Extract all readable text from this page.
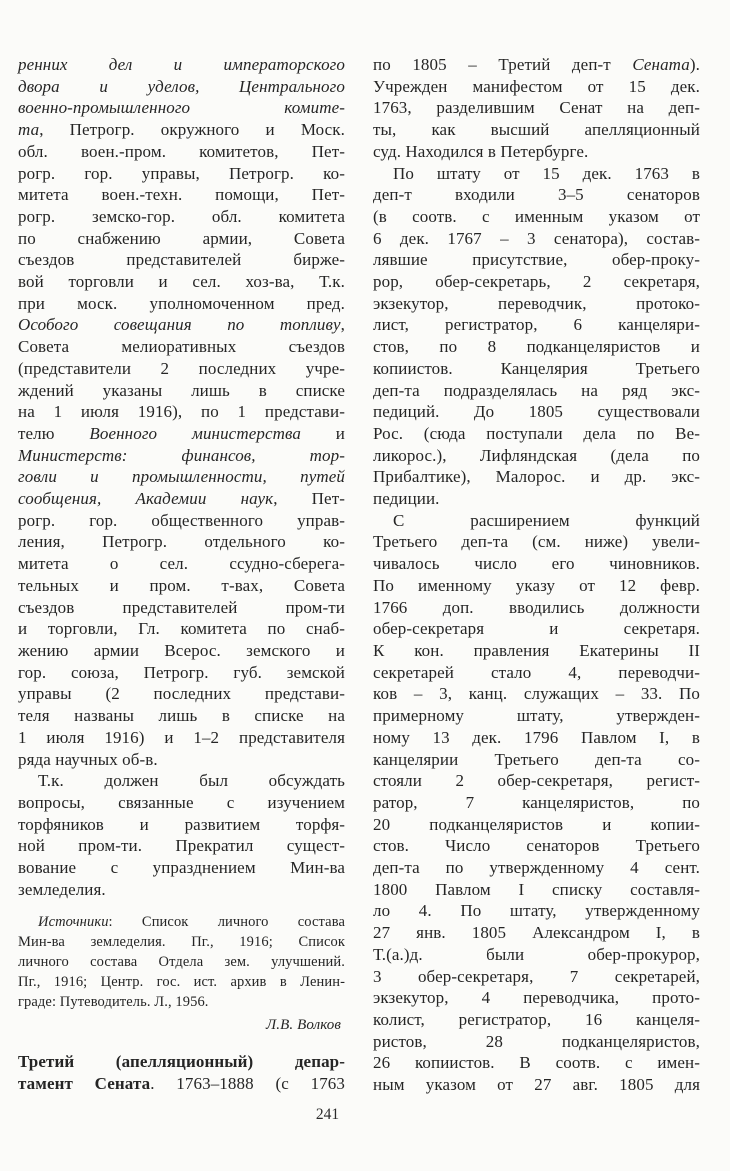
ренних дел и императорского
двора и уделов, Центрального
военно-промышленного комите-
та, Петрогр. окружного и Моск.
обл. воен.-пром. комитетов, Пет-
рогр. гор. управы, Петрогр. ко-
митета воен.-техн. помощи, Пет-
рогр. земско-гор. обл. комитета
по снабжению армии, Совета
съездов представителей бирже-
вой торговли и сел. хоз-ва, Т.к.
при моск. уполномоченном пред.
Особого совещания по топливу,
Совета мелиоративных съездов
(представители 2 последних учре-
ждений указаны лишь в списке
на 1 июля 1916), по 1 представи-
телю Военного министерства и
Министерств: финансов, тор-
говли и промышленности, путей
сообщения, Академии наук, Пет-
рогр. гор. общественного управ-
ления, Петрогр. отдельного ко-
митета о сел. ссудно-сберега-
тельных и пром. т-вах, Совета
съездов представителей пром-ти
и торговли, Гл. комитета по снаб-
жению армии Всерос. земского и
гор. союза, Петрогр. губ. земской
управы (2 последних представи-
теля названы лишь в списке на
1 июля 1916) и 1–2 представителя
ряда научных об-в.
Т.к. должен был обсуждать
вопросы, связанные с изучением
торфяников и развитием торфя-
ной пром-ти. Прекратил сущест-
вование с упразднением Мин-ва
земледелия.
Источники: Список личного состава
Мин-ва земледелия. Пг., 1916; Список
личного состава Отдела зем. улучшений.
Пг., 1916; Центр. гос. ист. архив в Ленин-
граде: Путеводитель. Л., 1956.
Л.В. Волков
Третий (апелляционный) депар-
тамент Сената. 1763–1888 (с 1763
по 1805 – Третий деп-т Сената).
Учрежден манифестом от 15 дек.
1763, разделившим Сенат на деп-
ты, как высший апелляционный
суд. Находился в Петербурге.
По штату от 15 дек. 1763 в
деп-т входили 3–5 сенаторов
(в соотв. с именным указом от
6 дек. 1767 – 3 сенатора), состав-
лявшие присутствие, обер-проку-
рор, обер-секретарь, 2 секретаря,
экзекутор, переводчик, протоко-
лист, регистратор, 6 канцеляри-
стов, по 8 подканцеляристов и
копиистов. Канцелярия Третьего
деп-та подразделялась на ряд экс-
педиций. До 1805 существовали
Рос. (сюда поступали дела по Ве-
ликорос.), Лифляндская (дела по
Прибалтике), Малорос. и др. экс-
педиции.
С расширением функций
Третьего деп-та (см. ниже) увели-
чивалось число его чиновников.
По именному указу от 12 февр.
1766 доп. вводились должности
обер-секретаря и секретаря.
К кон. правления Екатерины II
секретарей стало 4, переводчи-
ков – 3, канц. служащих – 33. По
примерному штату, утвержден-
ному 13 дек. 1796 Павлом I, в
канцелярии Третьего деп-та со-
стояли 2 обер-секретаря, регист-
ратор, 7 канцеляристов, по
20 подканцеляристов и копии-
стов. Число сенаторов Третьего
деп-та по утвержденному 4 сент.
1800 Павлом I списку составля-
ло 4. По штату, утвержденному
27 янв. 1805 Александром I, в
Т.(а.)д. были обер-прокурор,
3 обер-секретаря, 7 секретарей,
экзекутор, 4 переводчика, прото-
колист, регистратор, 16 канцеля-
ристов, 28 подканцеляристов,
26 копиистов. В соотв. с имен-
ным указом от 27 авг. 1805 для
241
